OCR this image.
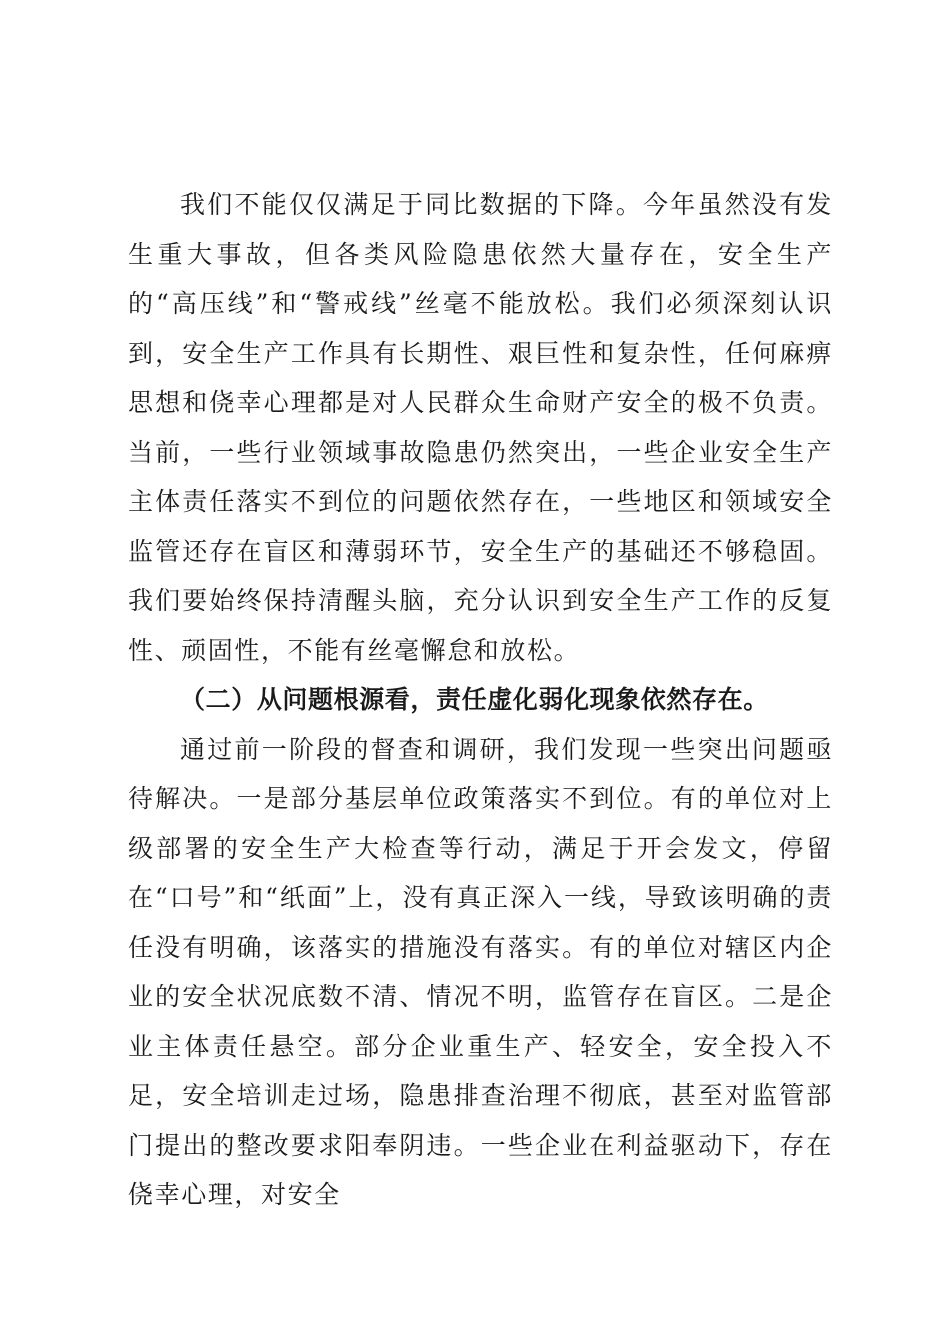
我们不能仅仅满足于同比数据的下降。今年虽然没有发生重大事故，但各类风险隐患依然大量存在，安全生产的“高压线”和“警戒线”丝毫不能放松。我们必须深刻认识到，安全生产工作具有长期性、艰巨性和复杂性，任何麻痹思想和侥幸心理都是对人民群众生命财产安全的极不负责。当前，一些行业领域事故隐患仍然突出，一些企业安全生产主体责任落实不到位的问题依然存在，一些地区和领域安全监管还存在盲区和薄弱环节，安全生产的基础还不够稳固。我们要始终保持清醒头脑，充分认识到安全生产工作的反复性、顽固性，不能有丝毫懈怠和放松。

（二）从问题根源看，责任虚化弱化现象依然存在。

通过前一阶段的督查和调研，我们发现一些突出问题亟待解决。一是部分基层单位政策落实不到位。有的单位对上级部署的安全生产大检查等行动，满足于开会发文，停留在“口号”和“纸面”上，没有真正深入一线，导致该明确的责任没有明确，该落实的措施没有落实。有的单位对辖区内企业的安全状况底数不清、情况不明，监管存在盲区。二是企业主体责任悬空。部分企业重生产、轻安全，安全投入不足，安全培训走过场，隐患排查治理不彻底，甚至对监管部门提出的整改要求阳奉阴违。一些企业在利益驱动下，存在侥幸心理，对安全
